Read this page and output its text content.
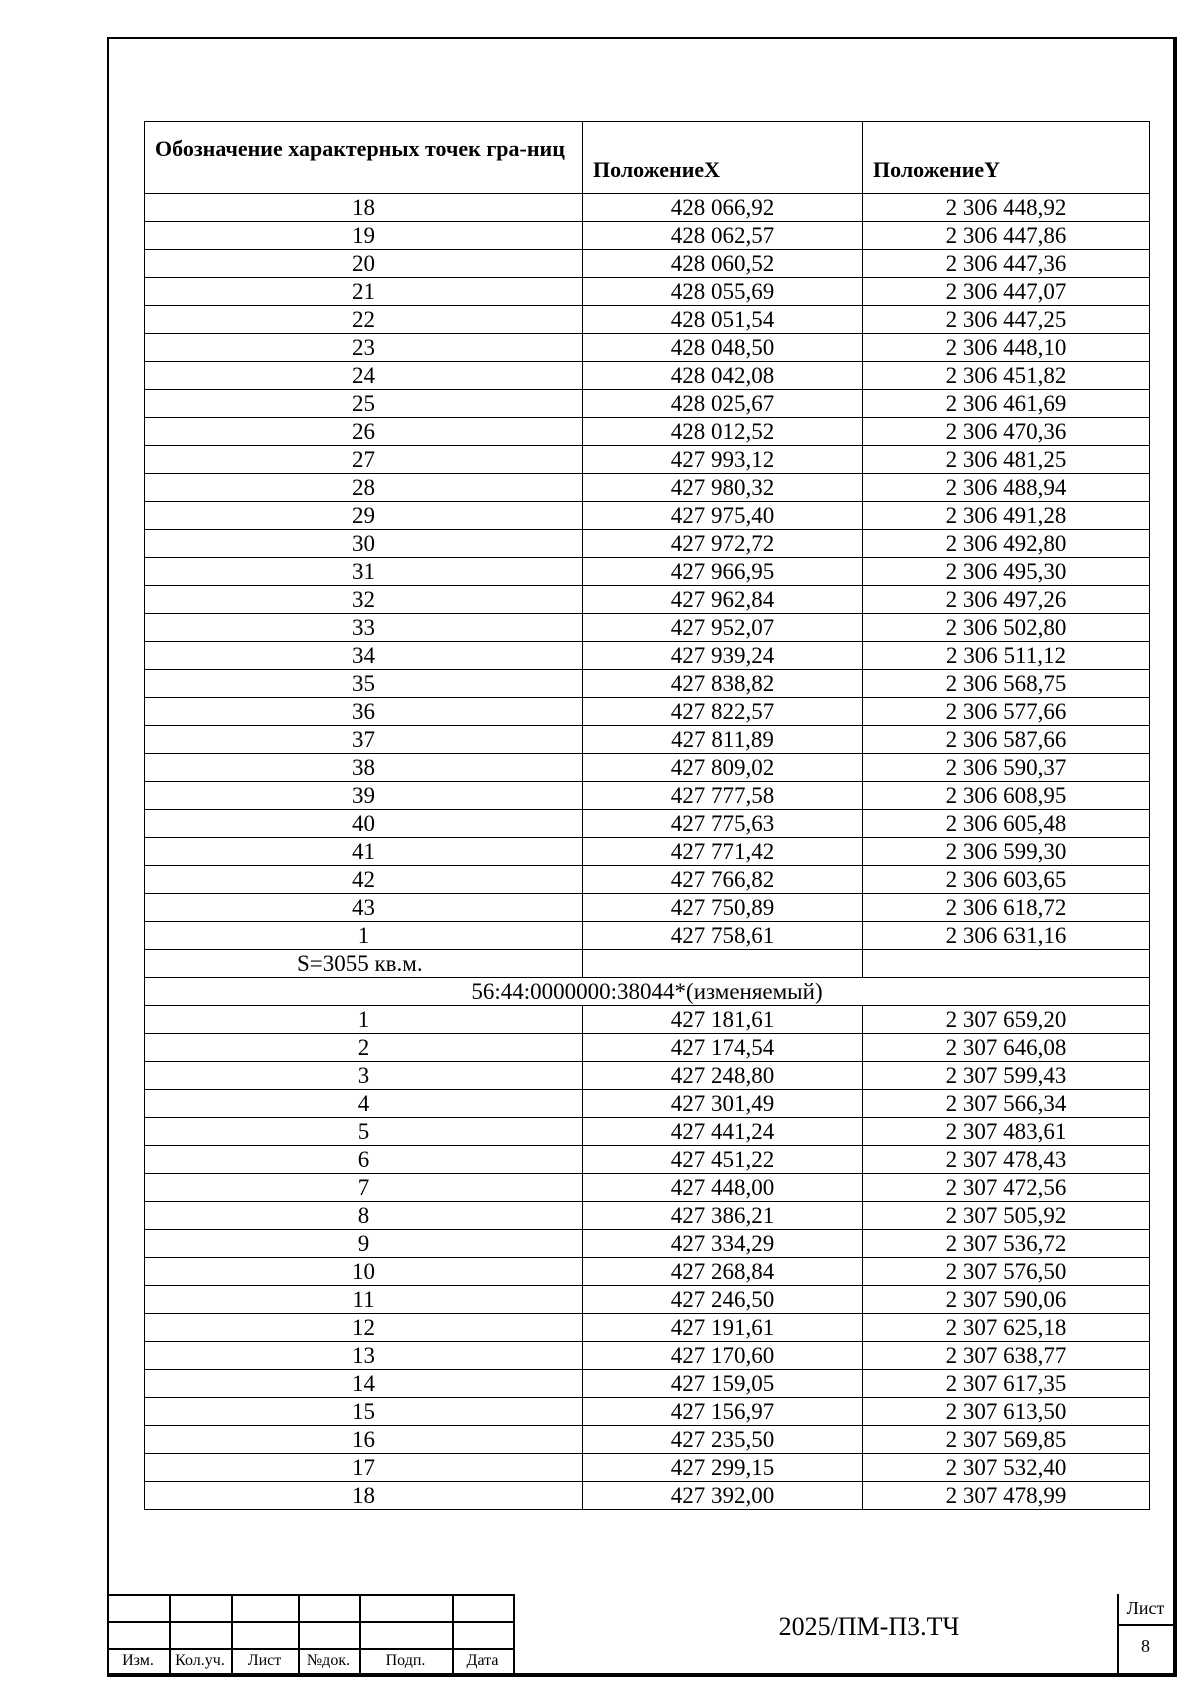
Обозначение характерных точек гра-ниц	ПоложениеX	ПоложениеY
18	428 066,92	2 306 448,92
19	428 062,57	2 306 447,86
20	428 060,52	2 306 447,36
21	428 055,69	2 306 447,07
22	428 051,54	2 306 447,25
23	428 048,50	2 306 448,10
24	428 042,08	2 306 451,82
25	428 025,67	2 306 461,69
26	428 012,52	2 306 470,36
27	427 993,12	2 306 481,25
28	427 980,32	2 306 488,94
29	427 975,40	2 306 491,28
30	427 972,72	2 306 492,80
31	427 966,95	2 306 495,30
32	427 962,84	2 306 497,26
33	427 952,07	2 306 502,80
34	427 939,24	2 306 511,12
35	427 838,82	2 306 568,75
36	427 822,57	2 306 577,66
37	427 811,89	2 306 587,66
38	427 809,02	2 306 590,37
39	427 777,58	2 306 608,95
40	427 775,63	2 306 605,48
41	427 771,42	2 306 599,30
42	427 766,82	2 306 603,65
43	427 750,89	2 306 618,72
1	427 758,61	2 306 631,16
S=3055 кв.м.		
56:44:0000000:38044*(изменяемый)		
1	427 181,61	2 307 659,20
2	427 174,54	2 307 646,08
3	427 248,80	2 307 599,43
4	427 301,49	2 307 566,34
5	427 441,24	2 307 483,61
6	427 451,22	2 307 478,43
7	427 448,00	2 307 472,56
8	427 386,21	2 307 505,92
9	427 334,29	2 307 536,72
10	427 268,84	2 307 576,50
11	427 246,50	2 307 590,06
12	427 191,61	2 307 625,18
13	427 170,60	2 307 638,77
14	427 159,05	2 307 617,35
15	427 156,97	2 307 613,50
16	427 235,50	2 307 569,85
17	427 299,15	2 307 532,40
18	427 392,00	2 307 478,99
Изм.	Кол.уч.	Лист	№док.	Подп.	Дата
2025/ПМ-ПЗ.ТЧ
Лист
8
